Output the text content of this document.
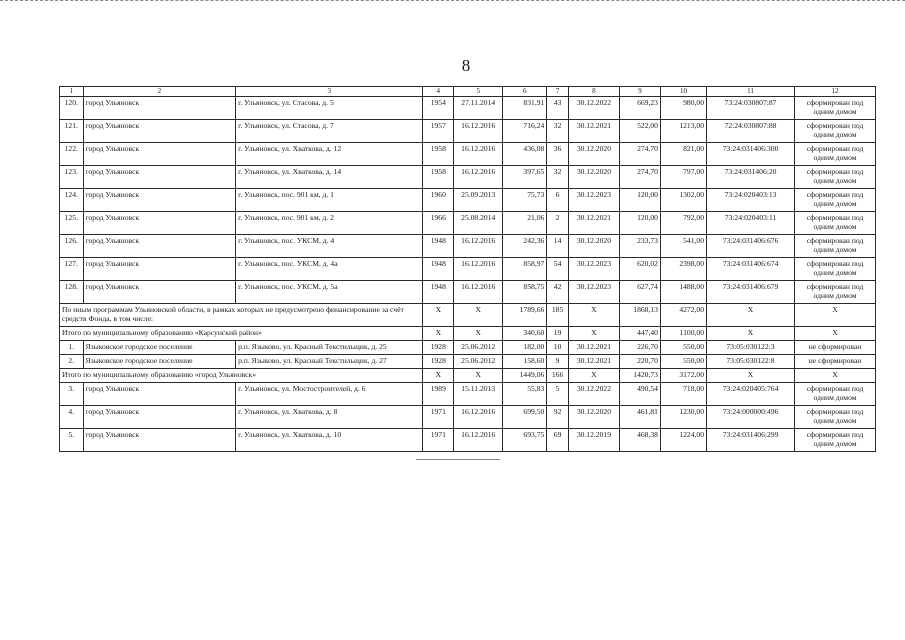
8
1	2	3	4	5	6	7	8	9	10	11	12
120.	город Ульяновск	г. Ульяновск, ул. Стасова, д. 5	1954	27.11.2014	831,91	43	30.12.2022	669,23	980,00	73:24:030807:87	сформирован под одним домом
121.	город Ульяновск	г. Ульяновск, ул. Стасова, д. 7	1957	16.12.2016	716,24	32	30.12.2021	522,00	1213,00	72:24:030807:88	сформирован под одним домом
122.	город Ульяновск	г. Ульяновск, ул. Хваткова, д. 12	1958	16.12.2016	436,08	36	30.12.2020	274,70	821,00	73:24:031406:300	сформирован под одним домом
123.	город Ульяновск	г. Ульяновск, ул. Хваткова, д. 14	1958	16.12.2016	397,65	32	30.12.2020	274,70	797,00	73:24:031406:20	сформирован под одним домом
124.	город Ульяновск	г. Ульяновск, пос. 901 км, д. 1	1960	25.09.2013	75,73	6	30.12.2023	120,00	1302,00	73:24:020403:13	сформирован под одним домом
125.	город Ульяновск	г. Ульяновск, пос. 901 км, д. 2	1966	25.08.2014	21,06	2	30.12.2021	120,00	792,00	73:24:020403:11	сформирован под одним домом
126.	город Ульяновск	г. Ульяновск, пос. УКСМ, д. 4	1948	16.12.2016	242,36	14	30.12.2020	233,73	541,00	73:24:031406:676	сформирован под одним домом
127.	город Ульяновск	г. Ульяновск, пос. УКСМ, д. 4а	1948	16.12.2016	858,97	54	30.12.2023	620,02	2398,00	73:24:031406:674	сформирован под одним домом
128.	город Ульяновск	г. Ульяновск, пос. УКСМ, д. 5а	1948	16.12.2016	858,75	42	30.12.2023	627,74	1488,00	73:24:031406:679	сформирован под одним домом
По иным программам Ульяновской области, в рамках которых не предусмотрено финансирование за счёт средств Фонда, в том числе:			Х	Х	1789,66	185	Х	1868,13	4272,00	Х	Х
Итого по муниципальному образованию «Карсунский район»			Х	Х	340,60	19	Х	447,40	1100,00	Х	Х
1.	Языковское городское поселение	р.п. Языково, ул. Красный Текстильщик, д. 25	1928	25.06.2012	182,00	10	30.12.2021	226,70	550,00	73:05:030122:3	не сформирован
2.	Языковское городское поселение	р.п. Языково, ул. Красный Текстильщик, д. 27	1928	25.06.2012	158,60	9	30.12.2021	220,70	550,00	73:05:030122:8	не сформирован
Итого по муниципальному образованию «город Ульяновск»			Х	Х	1449,06	166	Х	1420,73	3172,00	Х	Х
3.	город Ульяновск	г. Ульяновск, ул. Мостостроителей, д. 6	1989	15.11.2013	55,83	5	30.12.2022	490,54	718,00	73:24:020405:764	сформирован под одним домом
4.	город Ульяновск	г. Ульяновск, ул. Хваткова, д. 8	1971	16.12.2016	699,50	92	30.12.2020	461,81	1230,00	73:24:000000:496	сформирован под одним домом
5.	город Ульяновск	г. Ульяновск, ул. Хваткова, д. 10	1971	16.12.2016	693,75	69	30.12.2019	468,38	1224,00	73:24:031406:299	сформирован под одним домом
